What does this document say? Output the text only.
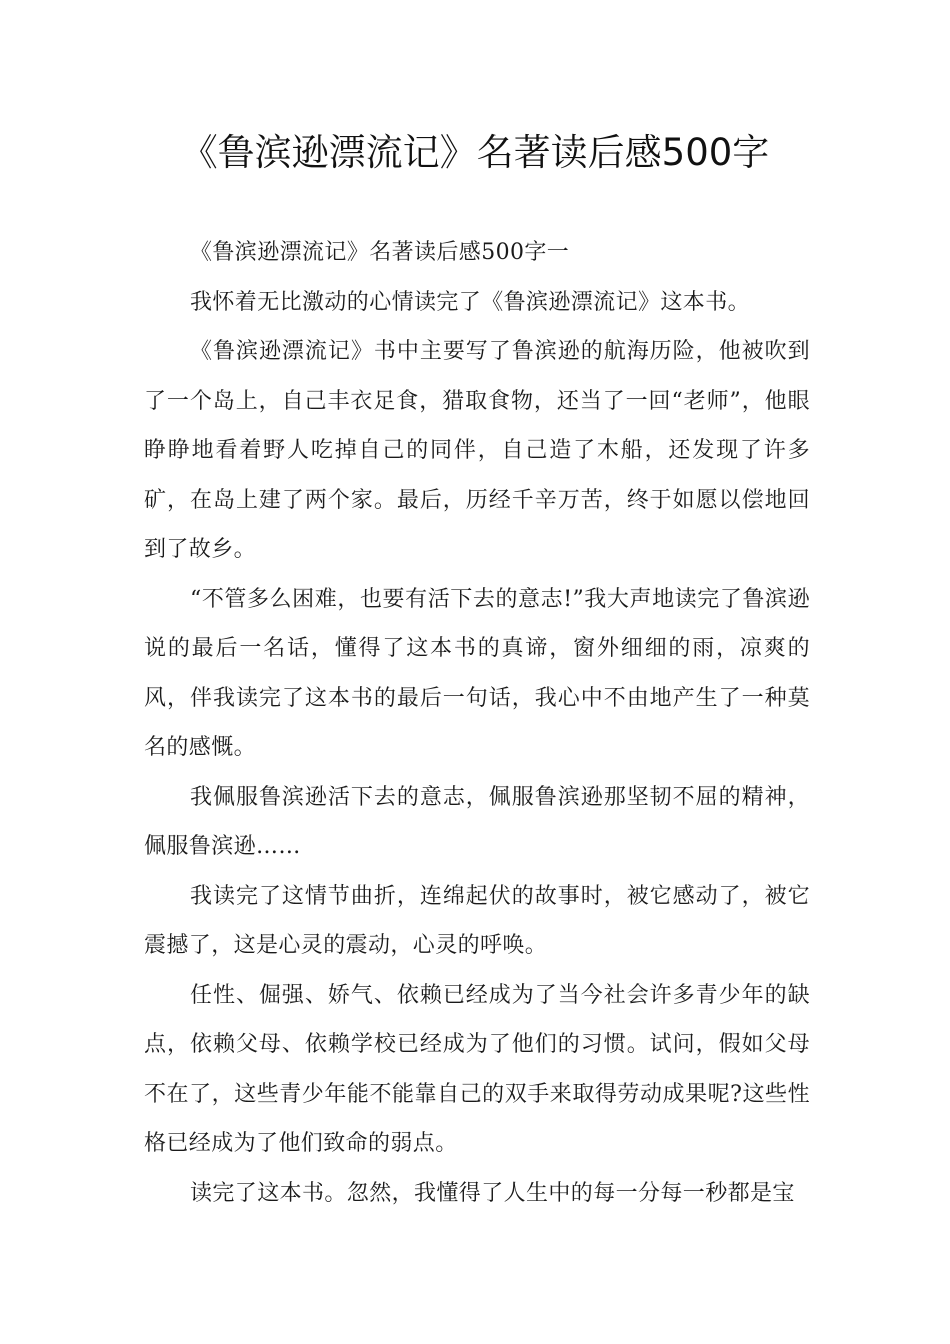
《鲁滨逊漂流记》名著读后感500字

《鲁滨逊漂流记》名著读后感500字一

我怀着无比激动的心情读完了《鲁滨逊漂流记》这本书。

《鲁滨逊漂流记》书中主要写了鲁滨逊的航海历险，他被吹到了一个岛上，自己丰衣足食，猎取食物，还当了一回“老师”，他眼睁睁地看着野人吃掉自己的同伴，自己造了木船，还发现了许多矿，在岛上建了两个家。最后，历经千辛万苦，终于如愿以偿地回到了故乡。

“不管多么困难，也要有活下去的意志!”我大声地读完了鲁滨逊说的最后一名话，懂得了这本书的真谛，窗外细细的雨，凉爽的风，伴我读完了这本书的最后一句话，我心中不由地产生了一种莫名的感慨。

我佩服鲁滨逊活下去的意志，佩服鲁滨逊那坚韧不屈的精神，佩服鲁滨逊……

我读完了这情节曲折，连绵起伏的故事时，被它感动了，被它震撼了，这是心灵的震动，心灵的呼唤。

任性、倔强、娇气、依赖已经成为了当今社会许多青少年的缺点，依赖父母、依赖学校已经成为了他们的习惯。试问，假如父母不在了，这些青少年能不能靠自己的双手来取得劳动成果呢?这些性格已经成为了他们致命的弱点。

读完了这本书。忽然，我懂得了人生中的每一分每一秒都是宝
